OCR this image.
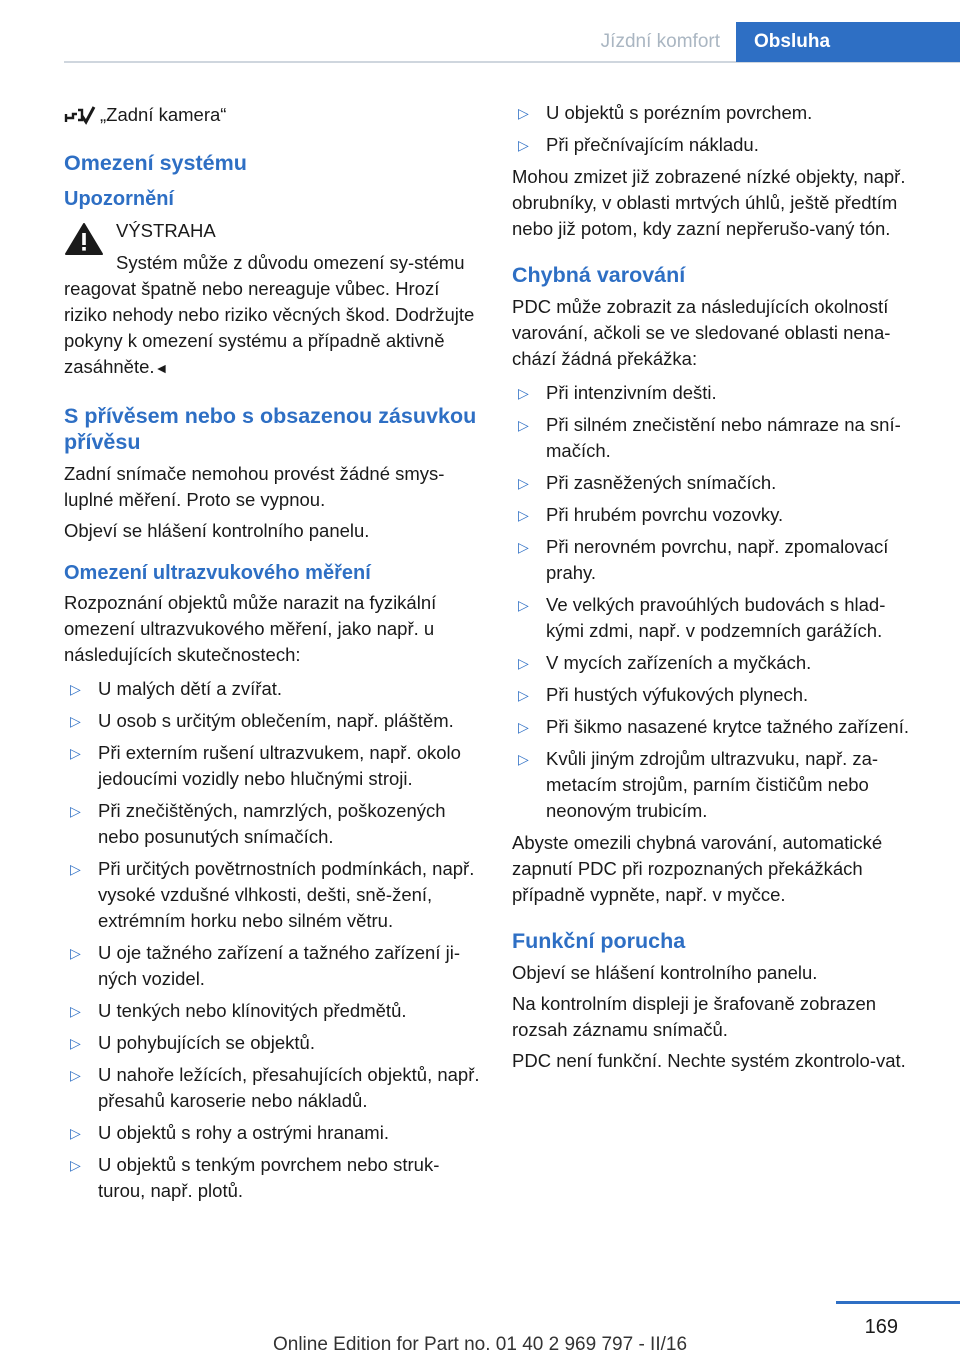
Jízdní komfort	Obsluha
„Zadní kamera“
Omezení systému
Upozornění
VÝSTRAHA
Systém může z důvodu omezení sy-stému reagovat špatně nebo nereaguje vůbec. Hrozí riziko nehody nebo riziko věcných škod. Dodržujte pokyny k omezení systému a případně aktivně zasáhněte.◄
S přívěsem nebo s obsazenou zásuvkou přívěsu
Zadní snímače nemohou provést žádné smys-luplné měření. Proto se vypnou.
Objeví se hlášení kontrolního panelu.
Omezení ultrazvukového měření
Rozpoznání objektů může narazit na fyzikální omezení ultrazvukového měření, jako např. u následujících skutečnostech:
▷ U malých dětí a zvířat.
▷ U osob s určitým oblečením, např. pláštěm.
▷ Při externím rušení ultrazvukem, např. okolo jedoucími vozidly nebo hlučnými stroji.
▷ Při znečištěných, namrzlých, poškozených nebo posunutých snímačích.
▷ Při určitých povětrnostních podmínkách, např. vysoké vzdušné vlhkosti, dešti, sně-žení, extrémním horku nebo silném větru.
▷ U oje tažného zařízení a tažného zařízení ji-ných vozidel.
▷ U tenkých nebo klínovitých předmětů.
▷ U pohybujících se objektů.
▷ U nahoře ležících, přesahujících objektů, např. přesahů karoserie nebo nákladů.
▷ U objektů s rohy a ostrými hranami.
▷ U objektů s tenkým povrchem nebo struk-turou, např. plotů.
▷ U objektů s porézním povrchem.
▷ Při přečnívajícím nákladu.
Mohou zmizet již zobrazené nízké objekty, např. obrubníky, v oblasti mrtvých úhlů, ještě předtím nebo již potom, kdy zazní nepřerušo-vaný tón.
Chybná varování
PDC může zobrazit za následujících okolností varování, ačkoli se ve sledované oblasti nena-chází žádná překážka:
▷ Při intenzivním dešti.
▷ Při silném znečistění nebo námraze na sní-mačích.
▷ Při zasněžených snímačích.
▷ Při hrubém povrchu vozovky.
▷ Při nerovném povrchu, např. zpomalovací prahy.
▷ Ve velkých pravoúhlých budovách s hlad-kými zdmi, např. v podzemních garážích.
▷ V mycích zařízeních a myčkách.
▷ Při hustých výfukových plynech.
▷ Při šikmo nasazené krytce tažného zařízení.
▷ Kvůli jiným zdrojům ultrazvuku, např. za-metacím strojům, parním čističům nebo neonovým trubicím.
Abyste omezili chybná varování, automatické zapnutí PDC při rozpoznaných překážkách případně vypněte, např. v myčce.
Funkční porucha
Objeví se hlášení kontrolního panelu.
Na kontrolním displeji je šrafovaně zobrazen rozsah záznamu snímačů.
PDC není funkční. Nechte systém zkontrolo-vat.
169
Online Edition for Part no. 01 40 2 969 797 - II/16
